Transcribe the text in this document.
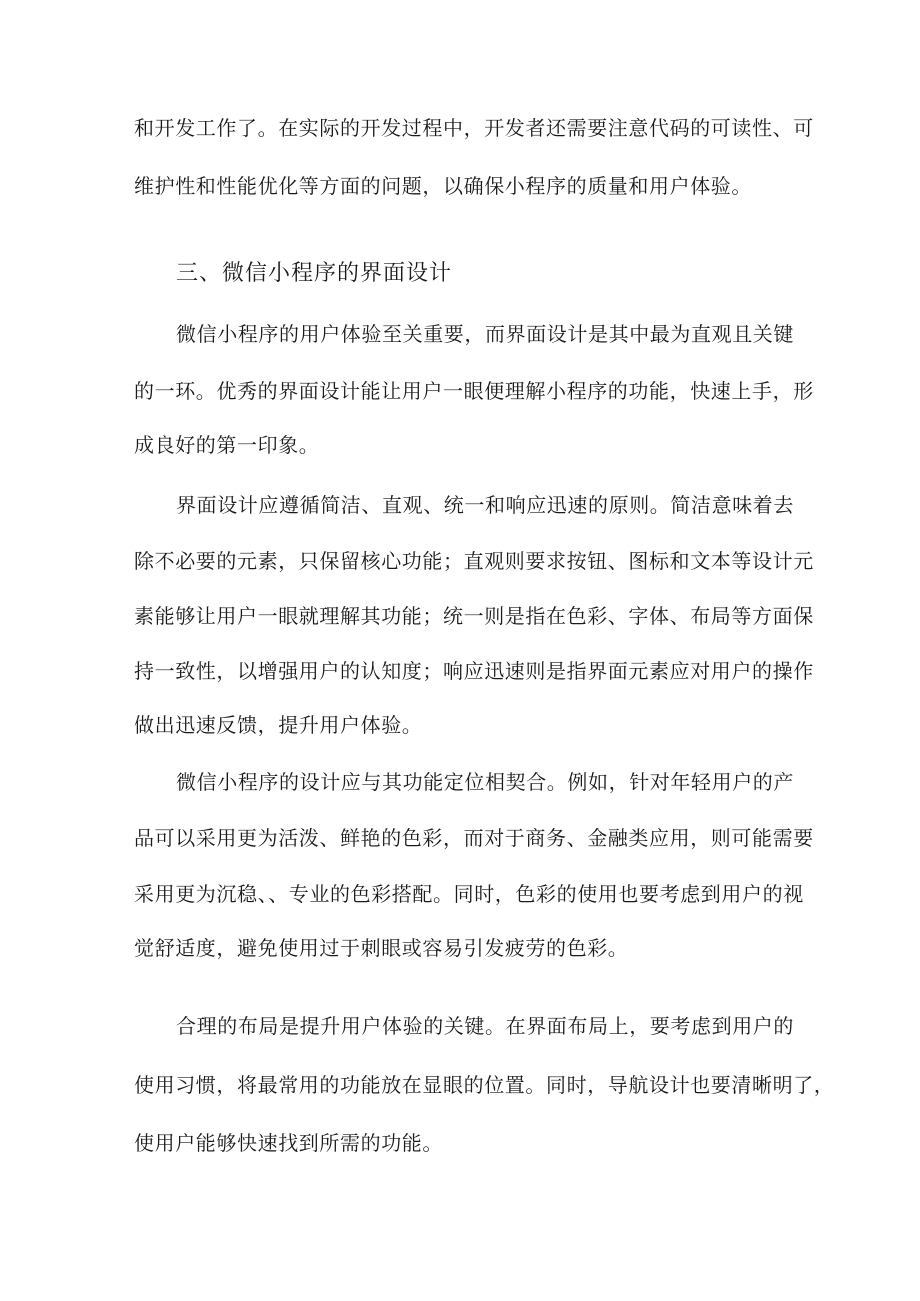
和开发工作了。在实际的开发过程中，开发者还需要注意代码的可读性、可
维护性和性能优化等方面的问题，以确保小程序的质量和用户体验。
三、微信小程序的界面设计
微信小程序的用户体验至关重要，而界面设计是其中最为直观且关键
的一环。优秀的界面设计能让用户一眼便理解小程序的功能，快速上手，形
成良好的第一印象。
界面设计应遵循简洁、直观、统一和响应迅速的原则。简洁意味着去
除不必要的元素，只保留核心功能；直观则要求按钮、图标和文本等设计元
素能够让用户一眼就理解其功能；统一则是指在色彩、字体、布局等方面保
持一致性，以增强用户的认知度；响应迅速则是指界面元素应对用户的操作
做出迅速反馈，提升用户体验。
微信小程序的设计应与其功能定位相契合。例如，针对年轻用户的产
品可以采用更为活泼、鲜艳的色彩，而对于商务、金融类应用，则可能需要
采用更为沉稳、、专业的色彩搭配。同时，色彩的使用也要考虑到用户的视
觉舒适度，避免使用过于刺眼或容易引发疲劳的色彩。
合理的布局是提升用户体验的关键。在界面布局上，要考虑到用户的
使用习惯，将最常用的功能放在显眼的位置。同时，导航设计也要清晰明了，
使用户能够快速找到所需的功能。
